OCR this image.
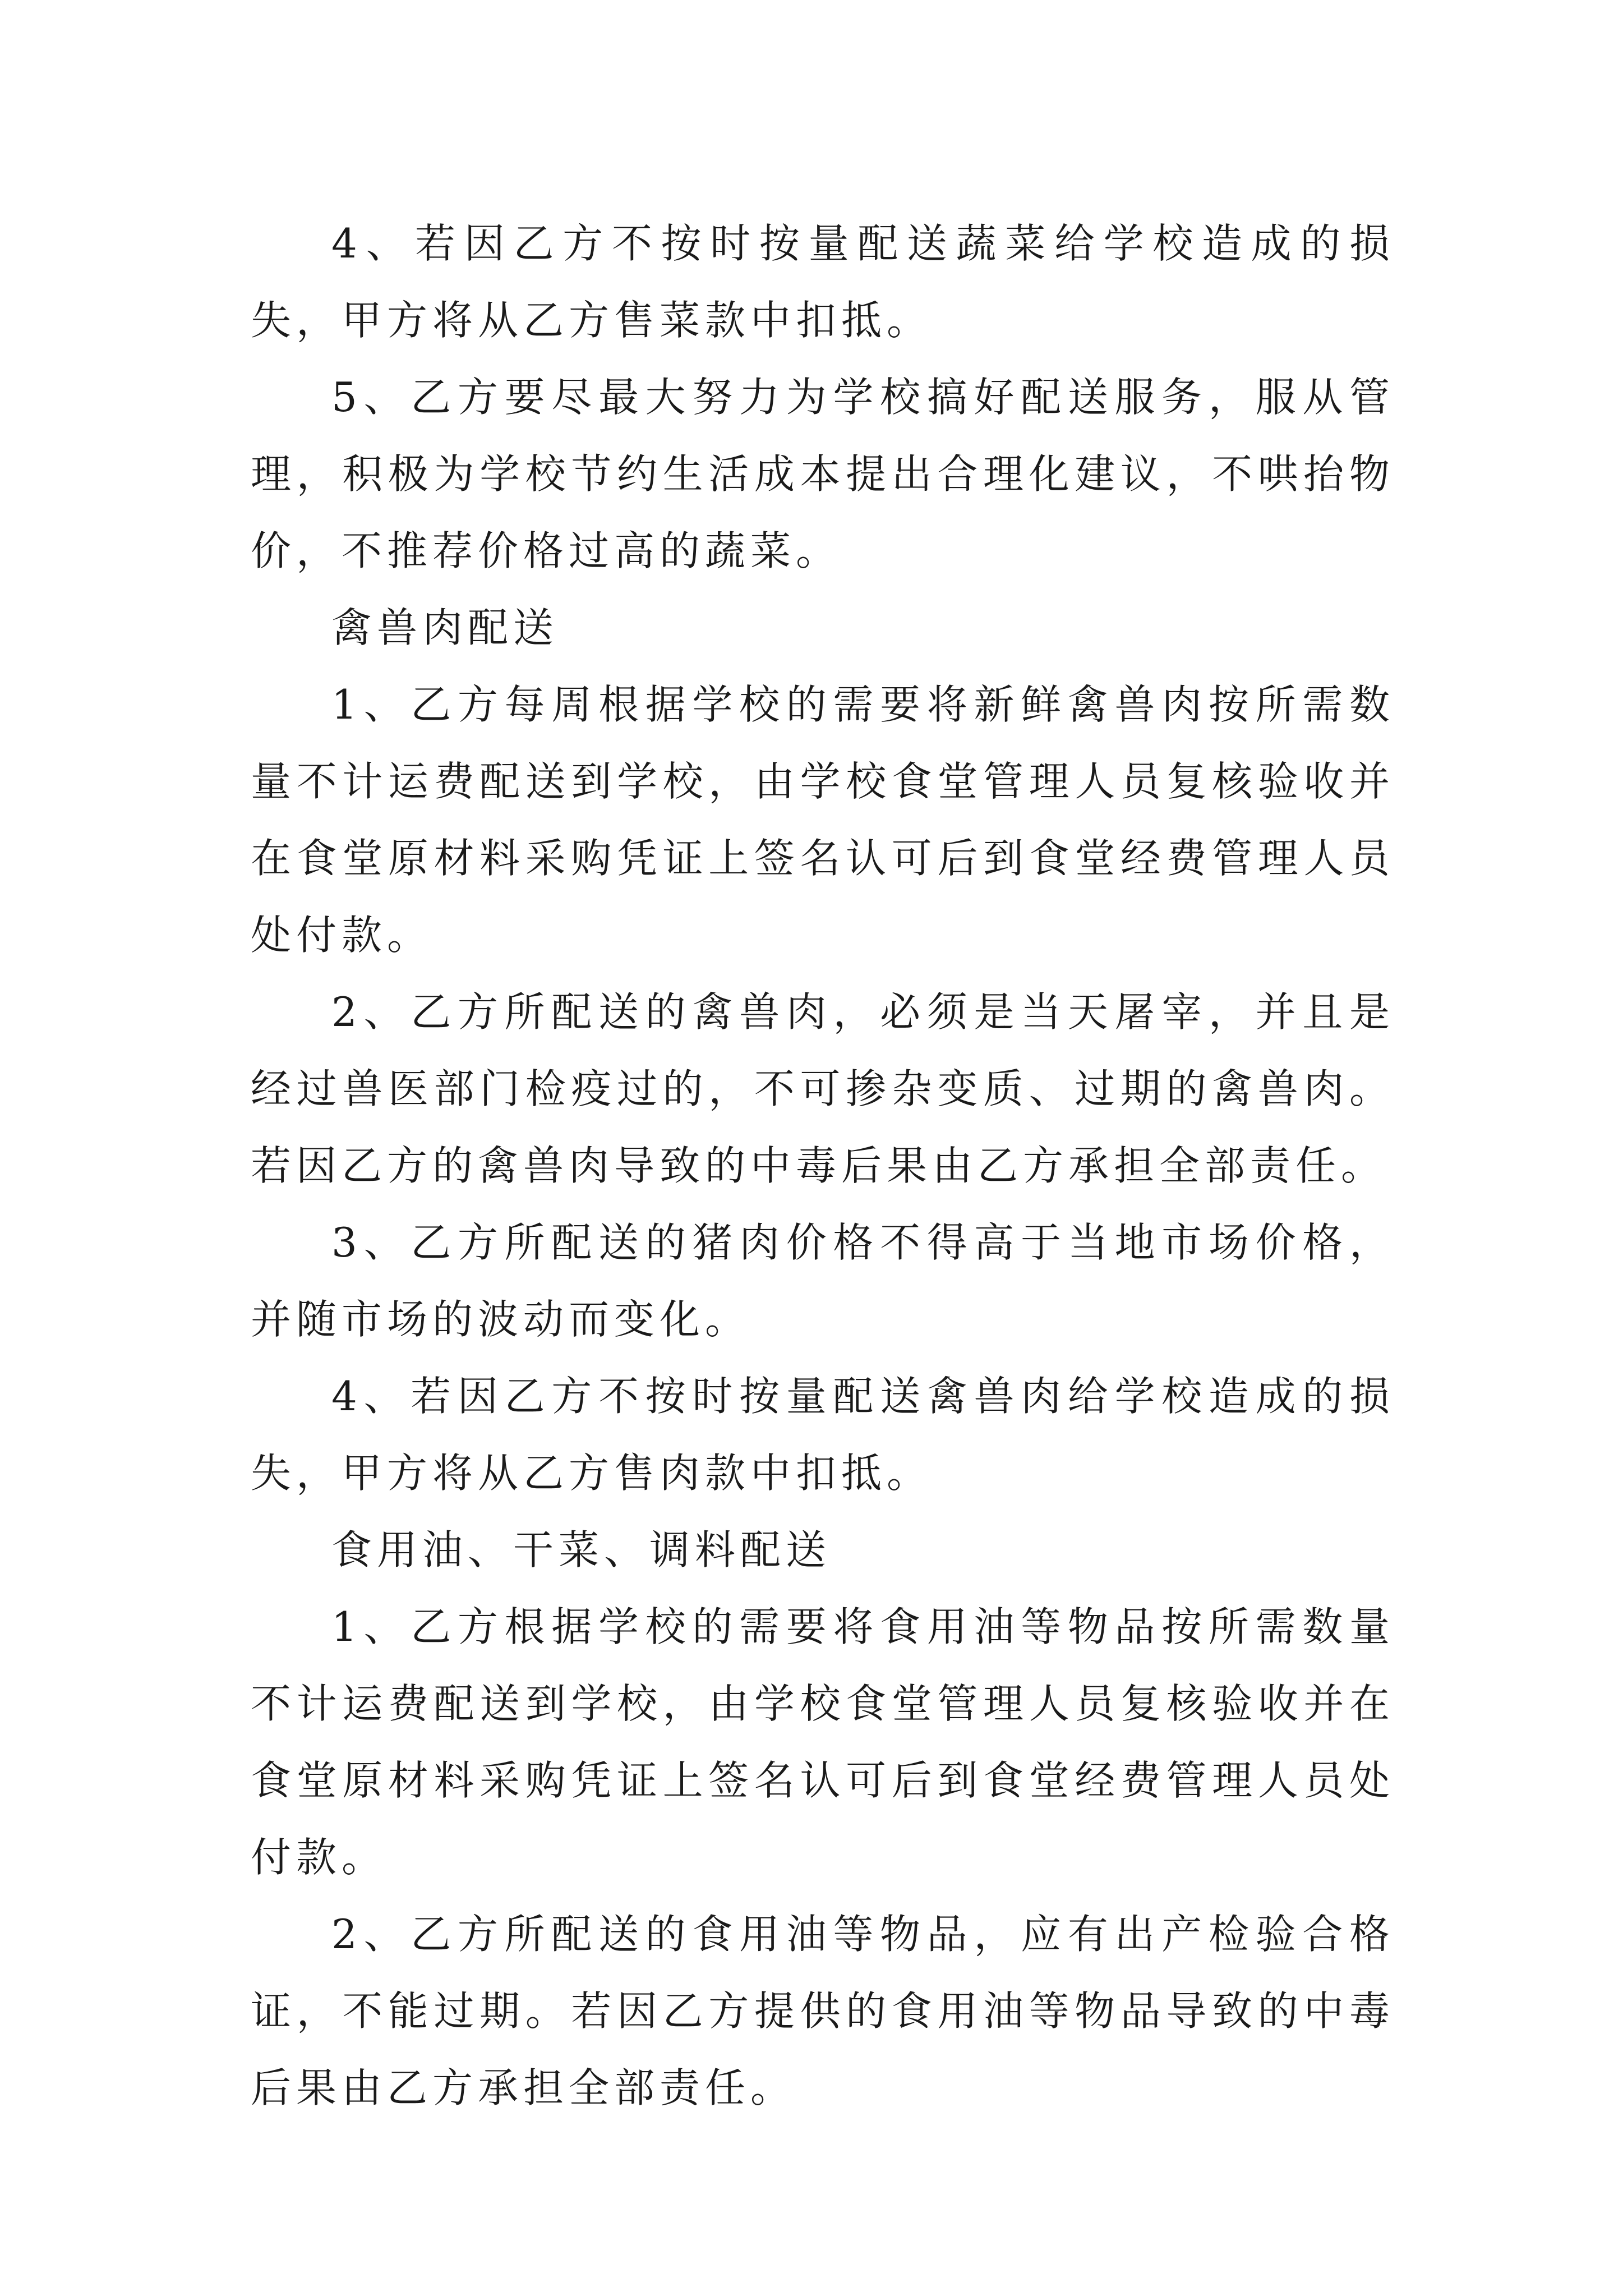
4、若因乙方不按时按量配送蔬菜给学校造成的损失，甲方将从乙方售菜款中扣抵。

5、乙方要尽最大努力为学校搞好配送服务，服从管理，积极为学校节约生活成本提出合理化建议，不哄抬物价，不推荐价格过高的蔬菜。

禽兽肉配送

1、乙方每周根据学校的需要将新鲜禽兽肉按所需数量不计运费配送到学校，由学校食堂管理人员复核验收并在食堂原材料采购凭证上签名认可后到食堂经费管理人员处付款。

2、乙方所配送的禽兽肉，必须是当天屠宰，并且是经过兽医部门检疫过的，不可掺杂变质、过期的禽兽肉。若因乙方的禽兽肉导致的中毒后果由乙方承担全部责任。

3、乙方所配送的猪肉价格不得高于当地市场价格，并随市场的波动而变化。

4、若因乙方不按时按量配送禽兽肉给学校造成的损失，甲方将从乙方售肉款中扣抵。

食用油、干菜、调料配送

1、乙方根据学校的需要将食用油等物品按所需数量不计运费配送到学校，由学校食堂管理人员复核验收并在食堂原材料采购凭证上签名认可后到食堂经费管理人员处付款。

2、乙方所配送的食用油等物品，应有出产检验合格证，不能过期。若因乙方提供的食用油等物品导致的中毒后果由乙方承担全部责任。
